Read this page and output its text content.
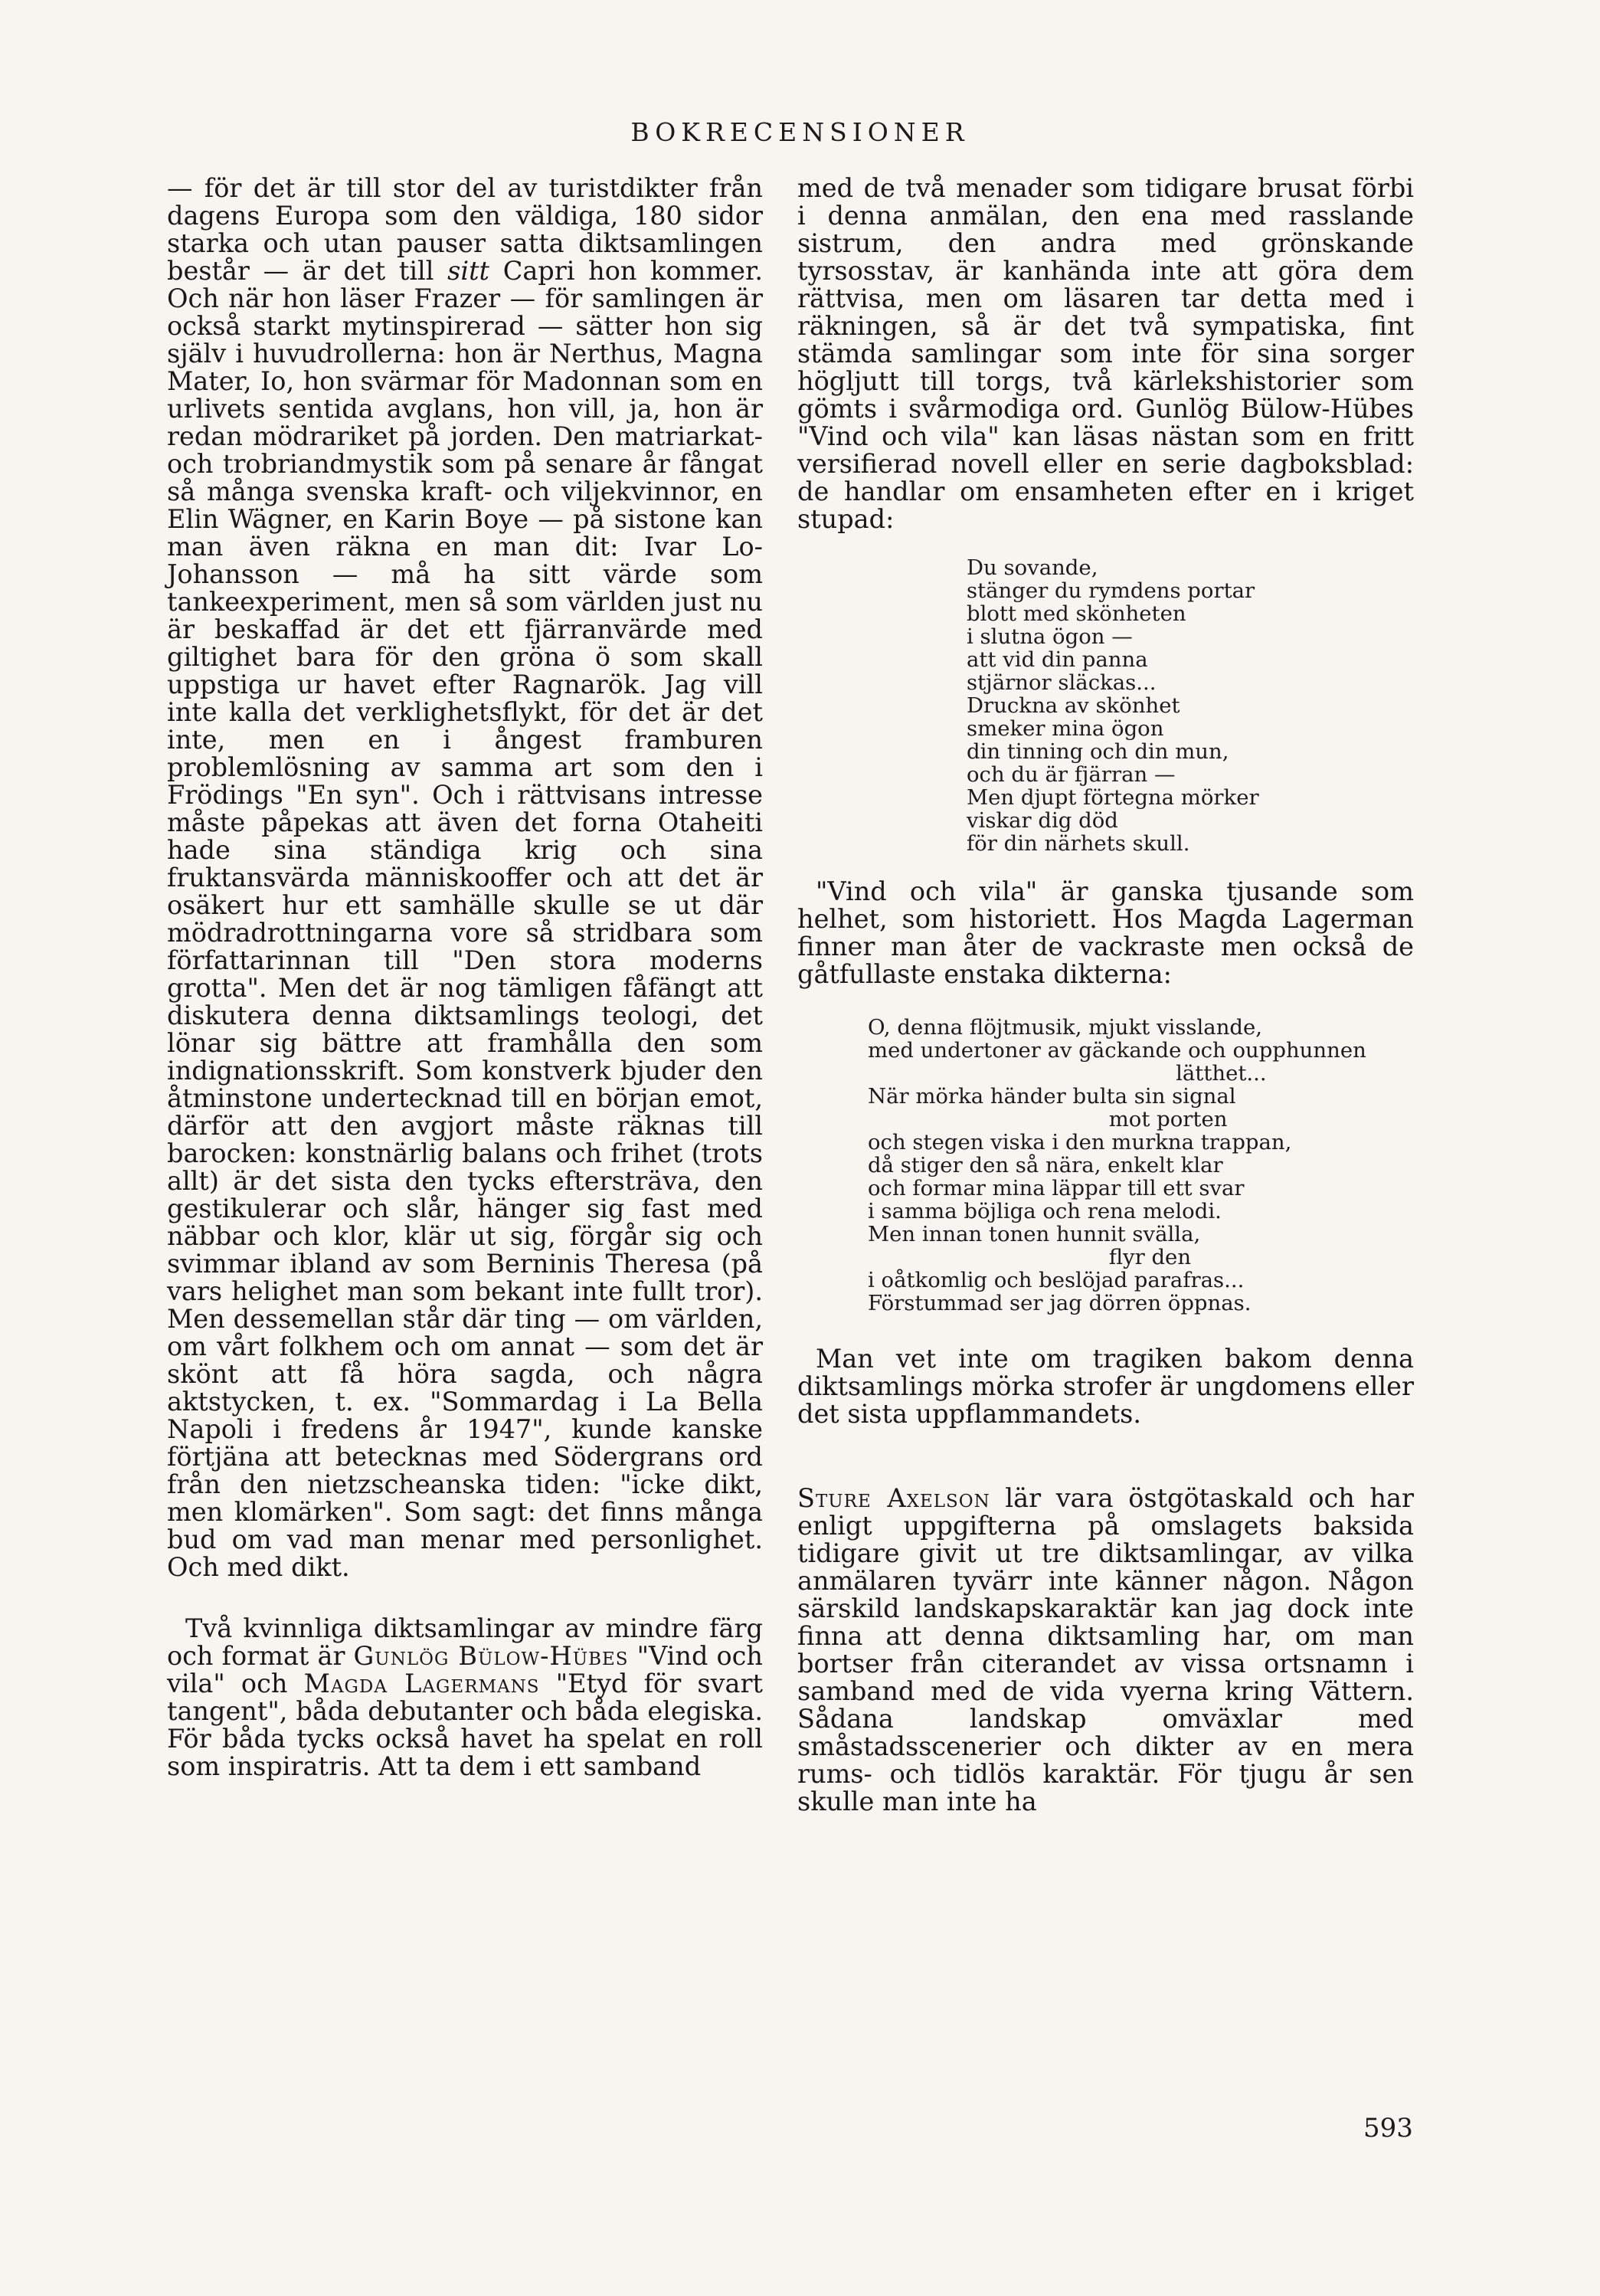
BOKRECENSIONER

— för det är till stor del av turistdikter från dagens Europa som den väldiga, 180 sidor starka och utan pauser satta diktsamlingen består — är det till sitt Capri hon kommer. Och när hon läser Frazer — för samlingen är också starkt mytinspirerad — sätter hon sig själv i huvudrollerna: hon är Nerthus, Magna Mater, Io, hon svärmar för Madonnan som en urlivets sentida avglans, hon vill, ja, hon är redan mödrariket på jorden. Den matriarkat- och trobriandmystik som på senare år fångat så många svenska kraft- och viljekvinnor, en Elin Wägner, en Karin Boye — på sistone kan man även räkna en man dit: Ivar Lo-Johansson — må ha sitt värde som tankeexperiment, men så som världen just nu är beskaffad är det ett fjärranvärde med giltighet bara för den gröna ö som skall uppstiga ur havet efter Ragnarök. Jag vill inte kalla det verklighetsflykt, för det är det inte, men en i ångest framburen problemlösning av samma art som den i Frödings "En syn". Och i rättvisans intresse måste påpekas att även det forna Otaheiti hade sina ständiga krig och sina fruktansvärda människooffer och att det är osäkert hur ett samhälle skulle se ut där mödradrottningarna vore så stridbara som författarinnan till "Den stora moderns grotta". Men det är nog tämligen fåfängt att diskutera denna diktsamlings teologi, det lönar sig bättre att framhålla den som indignationsskrift. Som konstverk bjuder den åtminstone undertecknad till en början emot, därför att den avgjort måste räknas till barocken: konstnärlig balans och frihet (trots allt) är det sista den tycks eftersträva, den gestikulerar och slår, hänger sig fast med näbbar och klor, klär ut sig, förgår sig och svimmar ibland av som Berninis Theresa (på vars helighet man som bekant inte fullt tror). Men dessemellan står där ting — om världen, om vårt folkhem och om annat — som det är skönt att få höra sagda, och några aktstycken, t. ex. "Sommardag i La Bella Napoli i fredens år 1947", kunde kanske förtjäna att betecknas med Södergrans ord från den nietzscheanska tiden: "icke dikt, men klomärken". Som sagt: det finns många bud om vad man menar med personlighet. Och med dikt.

Två kvinnliga diktsamlingar av mindre färg och format är Gunlög Bülow-Hübes "Vind och vila" och Magda Lagermans "Etyd för svart tangent", båda debutanter och båda elegiska. För båda tycks också havet ha spelat en roll som inspiratris. Att ta dem i ett samband

med de två menader som tidigare brusat förbi i denna anmälan, den ena med rasslande sistrum, den andra med grönskande tyrsosstav, är kanhända inte att göra dem rättvisa, men om läsaren tar detta med i räkningen, så är det två sympatiska, fint stämda samlingar som inte för sina sorger högljutt till torgs, två kärlekshistorier som gömts i svårmodiga ord. Gunlög Bülow-Hübes "Vind och vila" kan läsas nästan som en fritt versifierad novell eller en serie dagboksblad: de handlar om ensamheten efter en i kriget stupad:

Du sovande,
stänger du rymdens portar
blott med skönheten
i slutna ögon —
att vid din panna
stjärnor släckas...
Druckna av skönhet
smeker mina ögon
din tinning och din mun,
och du är fjärran —
Men djupt förtegna mörker
viskar dig död
för din närhets skull.

"Vind och vila" är ganska tjusande som helhet, som historiett. Hos Magda Lagerman finner man åter de vackraste men också de gåtfullaste enstaka dikterna:

O, denna flöjtmusik, mjukt visslande,
med undertoner av gäckande och oupphunnen
lätthet...
När mörka händer bulta sin signal
mot porten
och stegen viska i den murkna trappan,
då stiger den så nära, enkelt klar
och formar mina läppar till ett svar
i samma böjliga och rena melodi.
Men innan tonen hunnit svälla,
flyr den
i oåtkomlig och beslöjad parafras...
Förstummad ser jag dörren öppnas.

Man vet inte om tragiken bakom denna diktsamlings mörka strofer är ungdomens eller det sista uppflammandets.

Sture Axelson lär vara östgötaskald och har enligt uppgifterna på omslagets baksida tidigare givit ut tre diktsamlingar, av vilka anmälaren tyvärr inte känner någon. Någon särskild landskapskaraktär kan jag dock inte finna att denna diktsamling har, om man bortser från citerandet av vissa ortsnamn i samband med de vida vyerna kring Vättern. Sådana landskap omväxlar med småstadsscenerier och dikter av en mera rums- och tidlös karaktär. För tjugu år sen skulle man inte ha

593
